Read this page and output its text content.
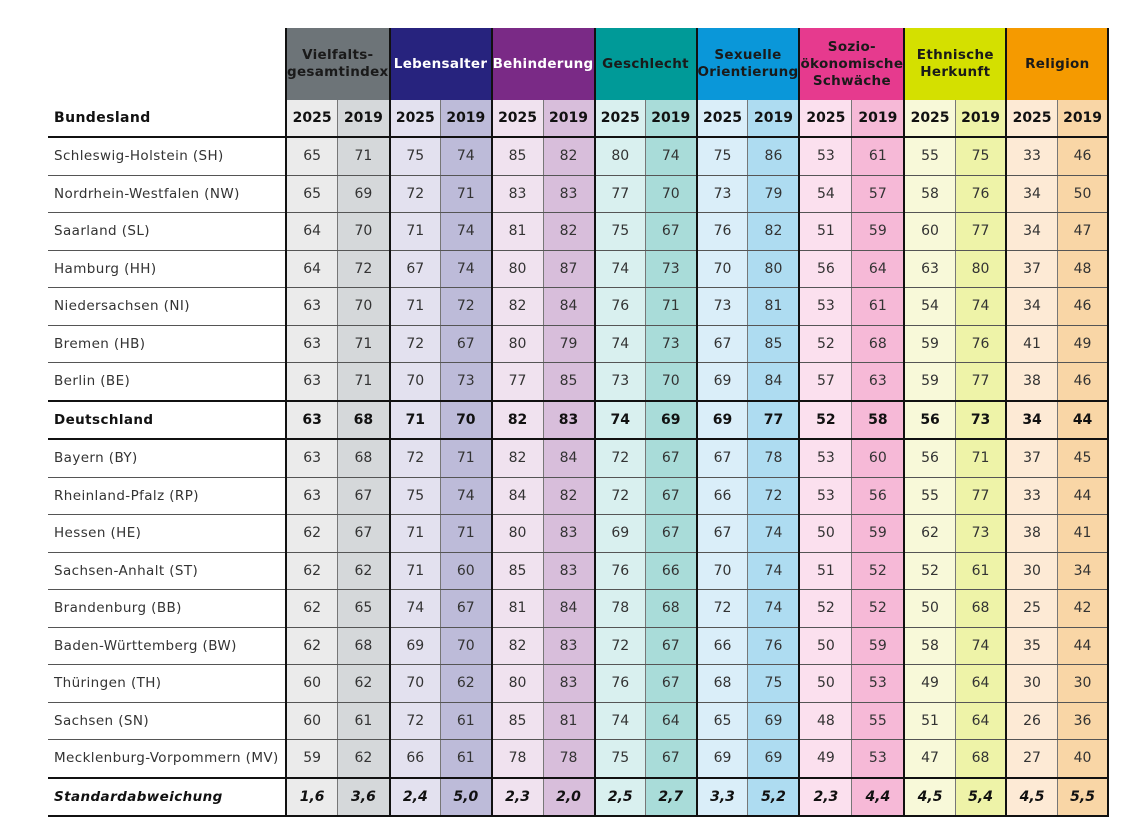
	Vielfalts-
gesamtindex		Lebensalter		Behinderung		Geschlecht		Sexuelle
Orientierung		Sozio-
ökonomische
Schwäche		Ethnische
Herkunft		Religion	
Bundesland	2025	2019	2025	2019	2025	2019	2025	2019	2025	2019	2025	2019	2025	2019	2025	2019
Schleswig-Holstein (SH)	65	71	75	74	85	82	80	74	75	86	53	61	55	75	33	46
Nordrhein-Westfalen (NW)	65	69	72	71	83	83	77	70	73	79	54	57	58	76	34	50
Saarland (SL)	64	70	71	74	81	82	75	67	76	82	51	59	60	77	34	47
Hamburg (HH)	64	72	67	74	80	87	74	73	70	80	56	64	63	80	37	48
Niedersachsen (NI)	63	70	71	72	82	84	76	71	73	81	53	61	54	74	34	46
Bremen (HB)	63	71	72	67	80	79	74	73	67	85	52	68	59	76	41	49
Berlin (BE)	63	71	70	73	77	85	73	70	69	84	57	63	59	77	38	46
Deutschland	63	68	71	70	82	83	74	69	69	77	52	58	56	73	34	44
Bayern (BY)	63	68	72	71	82	84	72	67	67	78	53	60	56	71	37	45
Rheinland-Pfalz (RP)	63	67	75	74	84	82	72	67	66	72	53	56	55	77	33	44
Hessen (HE)	62	67	71	71	80	83	69	67	67	74	50	59	62	73	38	41
Sachsen-Anhalt (ST)	62	62	71	60	85	83	76	66	70	74	51	52	52	61	30	34
Brandenburg (BB)	62	65	74	67	81	84	78	68	72	74	52	52	50	68	25	42
Baden-Württemberg (BW)	62	68	69	70	82	83	72	67	66	76	50	59	58	74	35	44
Thüringen (TH)	60	62	70	62	80	83	76	67	68	75	50	53	49	64	30	30
Sachsen (SN)	60	61	72	61	85	81	74	64	65	69	48	55	51	64	26	36
Mecklenburg-Vorpommern (MV)	59	62	66	61	78	78	75	67	69	69	49	53	47	68	27	40
Standardabweichung	1,6	3,6	2,4	5,0	2,3	2,0	2,5	2,7	3,3	5,2	2,3	4,4	4,5	5,4	4,5	5,5
